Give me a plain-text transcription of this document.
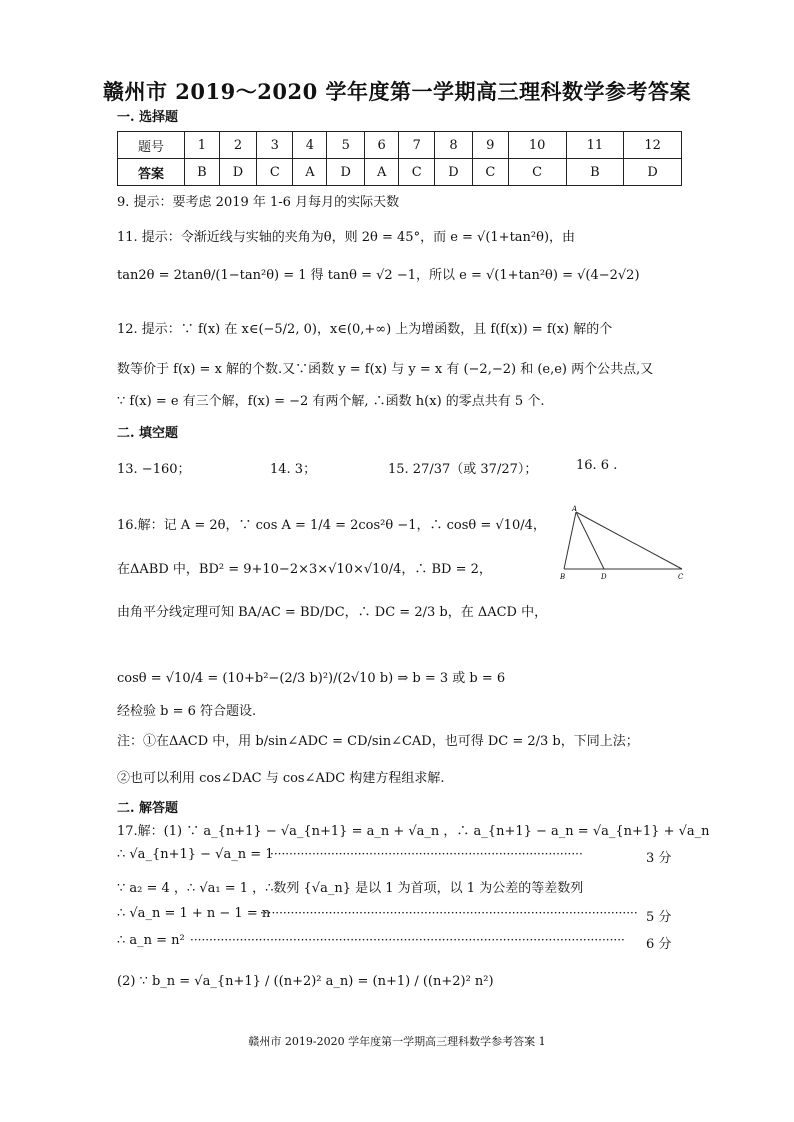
赣州市 2019～2020 学年度第一学期高三理科数学参考答案
一. 选择题
题号	1	2	3	4	5	6	7	8	9	10	11	12
答案	B	D	C	A	D	A	C	D	C	C	B	D
9. 提示：要考虑 2019 年 1-6 月每月的实际天数
11. 提示：令渐近线与实轴的夹角为θ，则 2θ = 45°，而 e = √(1+tan²θ)，由
tan2θ = 2tanθ/(1−tan²θ) = 1 得 tanθ = √2 −1，所以 e = √(1+tan²θ) = √(4−2√2)
12. 提示：∵ f(x) 在 x∈(−5/2, 0)，x∈(0,+∞) 上为增函数，且 f(f(x)) = f(x) 解的个
数等价于 f(x) = x 解的个数.又∵函数 y = f(x) 与 y = x 有 (−2,−2) 和 (e,e) 两个公共点,又
∵ f(x) = e 有三个解，f(x) = −2 有两个解, ∴函数 h(x) 的零点共有 5 个.
二. 填空题
13. −160；	14. 3；	15. 27/37（或 37/27）；	16. 6 .
16.解：记 A = 2θ，∵ cos A = 1/4 = 2cos²θ −1，∴ cosθ = √10/4，
在ΔABD 中，BD² = 9+10−2×3×√10×√10/4，∴ BD = 2，
由角平分线定理可知 BA/AC = BD/DC，∴ DC = 2/3 b，在 ΔACD 中，
cosθ = √10/4 = (10+b²−(2/3 b)²)/(2√10 b) ⇒ b = 3 或 b = 6
经检验 b = 6 符合题设.
注：①在ΔACD 中，用 b/sin∠ADC = CD/sin∠CAD，也可得 DC = 2/3 b，下同上法；
②也可以利用 cos∠DAC 与 cos∠ADC 构建方程组求解.
A
B	D	C
二. 解答题
17.解：(1) ∵ a_{n+1} − √a_{n+1} = a_n + √a_n ，∴ a_{n+1} − a_n = √a_{n+1} + √a_n
∴ √a_{n+1} − √a_n = 1
··················································································	3 分
∵ a₂ = 4 ，∴ √a₁ = 1 ，∴数列 {√a_n} 是以 1 为首项，以 1 为公差的等差数列
∴ √a_n = 1 + n − 1 = n
··································································································· 5 分
∴ a_n = n² ·················································································································· 6 分
(2) ∵ b_n = √a_{n+1} / ((n+2)² a_n) = (n+1) / ((n+2)² n²)
赣州市 2019-2020 学年度第一学期高三理科数学参考答案 1
